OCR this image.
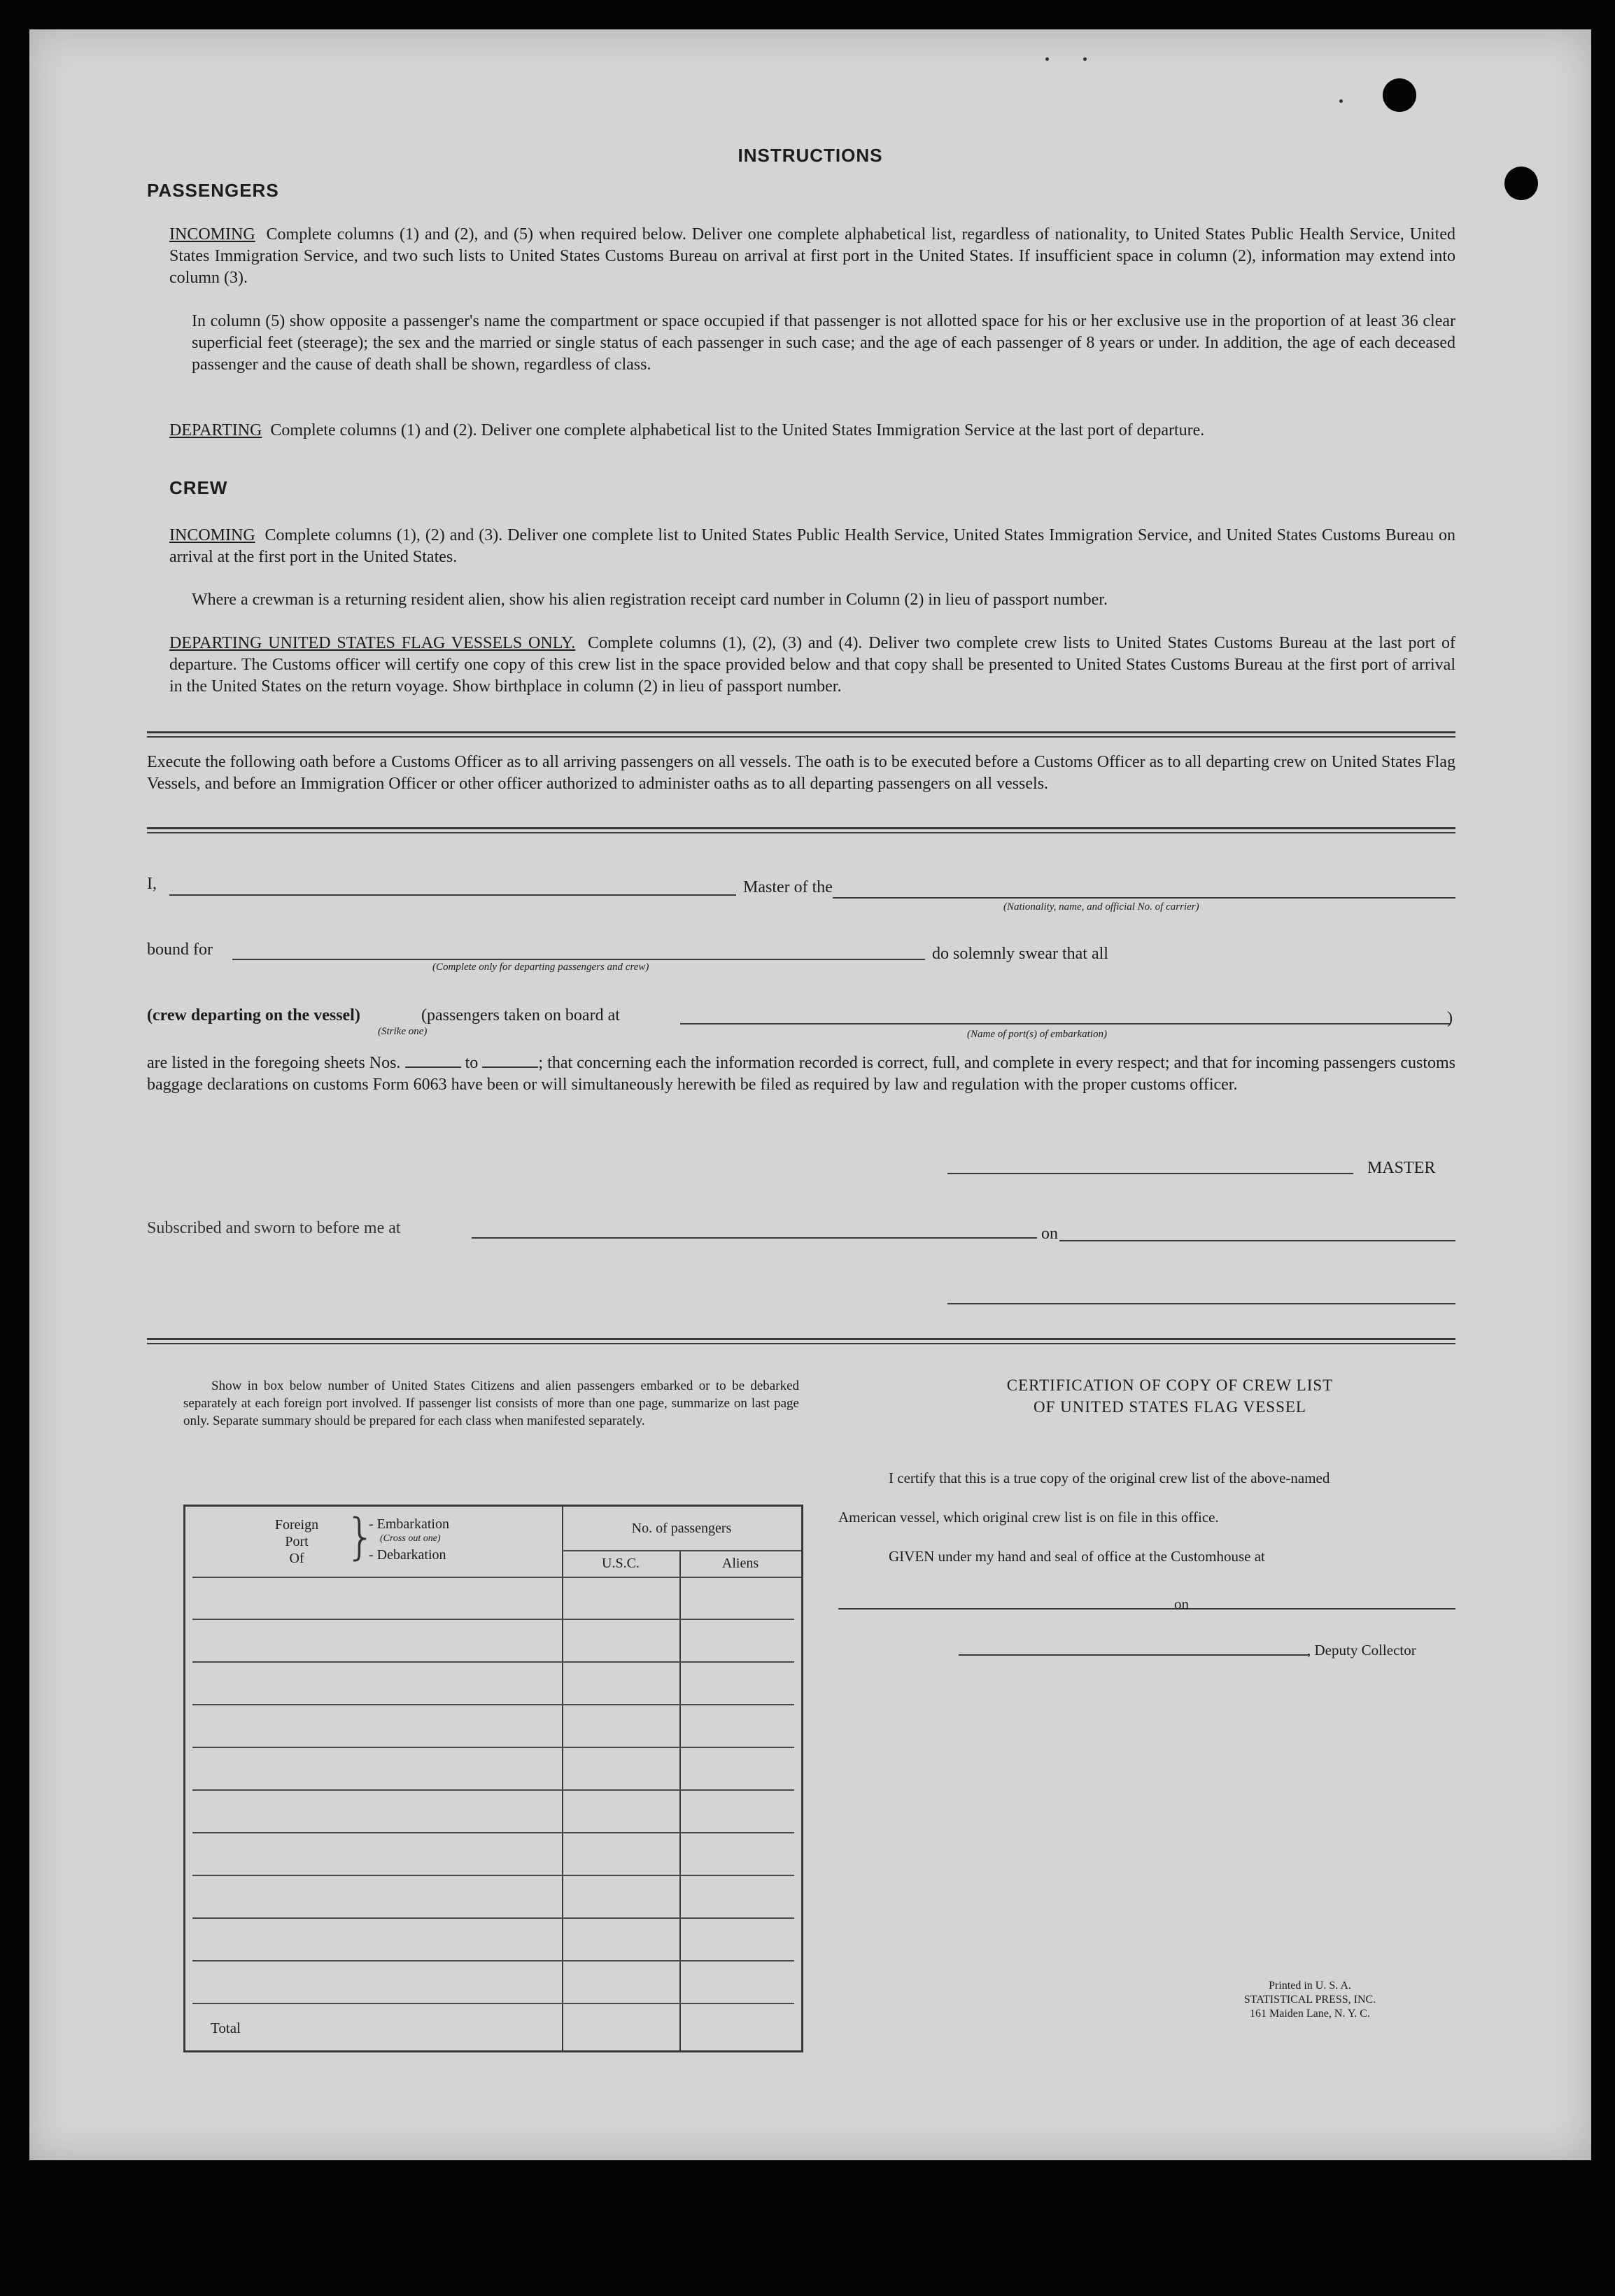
INSTRUCTIONS
PASSENGERS
INCOMING Complete columns (1) and (2), and (5) when required below. Deliver one complete alphabetical list, regardless of nationality, to United States Public Health Service, United States Immigration Service, and two such lists to United States Customs Bureau on arrival at first port in the United States. If insufficient space in column (2), information may extend into column (3).
In column (5) show opposite a passenger's name the compartment or space occupied if that passenger is not allotted space for his or her exclusive use in the proportion of at least 36 clear superficial feet (steerage); the sex and the married or single status of each passenger in such case; and the age of each passenger of 8 years or under. In addition, the age of each deceased passenger and the cause of death shall be shown, regardless of class.
DEPARTING Complete columns (1) and (2). Deliver one complete alphabetical list to the United States Immigration Service at the last port of departure.
CREW
INCOMING Complete columns (1), (2) and (3). Deliver one complete list to United States Public Health Service, United States Immigration Service, and United States Customs Bureau on arrival at the first port in the United States.
Where a crewman is a returning resident alien, show his alien registration receipt card number in Column (2) in lieu of passport number.
DEPARTING UNITED STATES FLAG VESSELS ONLY. Complete columns (1), (2), (3) and (4). Deliver two complete crew lists to United States Customs Bureau at the last port of departure. The Customs officer will certify one copy of this crew list in the space provided below and that copy shall be presented to United States Customs Bureau at the first port of arrival in the United States on the return voyage. Show birthplace in column (2) in lieu of passport number.
Execute the following oath before a Customs Officer as to all arriving passengers on all vessels. The oath is to be executed before a Customs Officer as to all departing crew on United States Flag Vessels, and before an Immigration Officer or other officer authorized to administer oaths as to all departing passengers on all vessels.
I,	Master of the
(Nationality, name, and official No. of carrier)
bound for
(Complete only for departing passengers and crew)
do solemnly swear that all
(crew departing on the vessel)	(passengers taken on board at
(Strike one)
)
(Name of port(s) of embarkation)
are listed in the foregoing sheets Nos.	to	; that concerning each the information recorded is correct, full, and complete in every respect; and that for incoming passengers customs baggage declarations on customs Form 6063 have been or will simultaneously herewith be filed as required by law and regulation with the proper customs officer.
MASTER
Subscribed and sworn to before me at	on
Show in box below number of United States Citizens and alien passengers embarked or to be debarked separately at each foreign port involved. If passenger list consists of more than one page, summarize on last page only. Separate summary should be prepared for each class when manifested separately.
Foreign
Port
Of }
- Embarkation
(Cross out one)
- Debarkation
No. of passengers
U.S.C.	Aliens
Total
CERTIFICATION OF COPY OF CREW LIST
OF UNITED STATES FLAG VESSEL
I certify that this is a true copy of the original crew list of the above-named
American vessel, which original crew list is on file in this office.
GIVEN under my hand and seal of office at the Customhouse at
on
, Deputy Collector
Printed in U. S. A.
STATISTICAL PRESS, INC.
161 Maiden Lane, N. Y. C.
